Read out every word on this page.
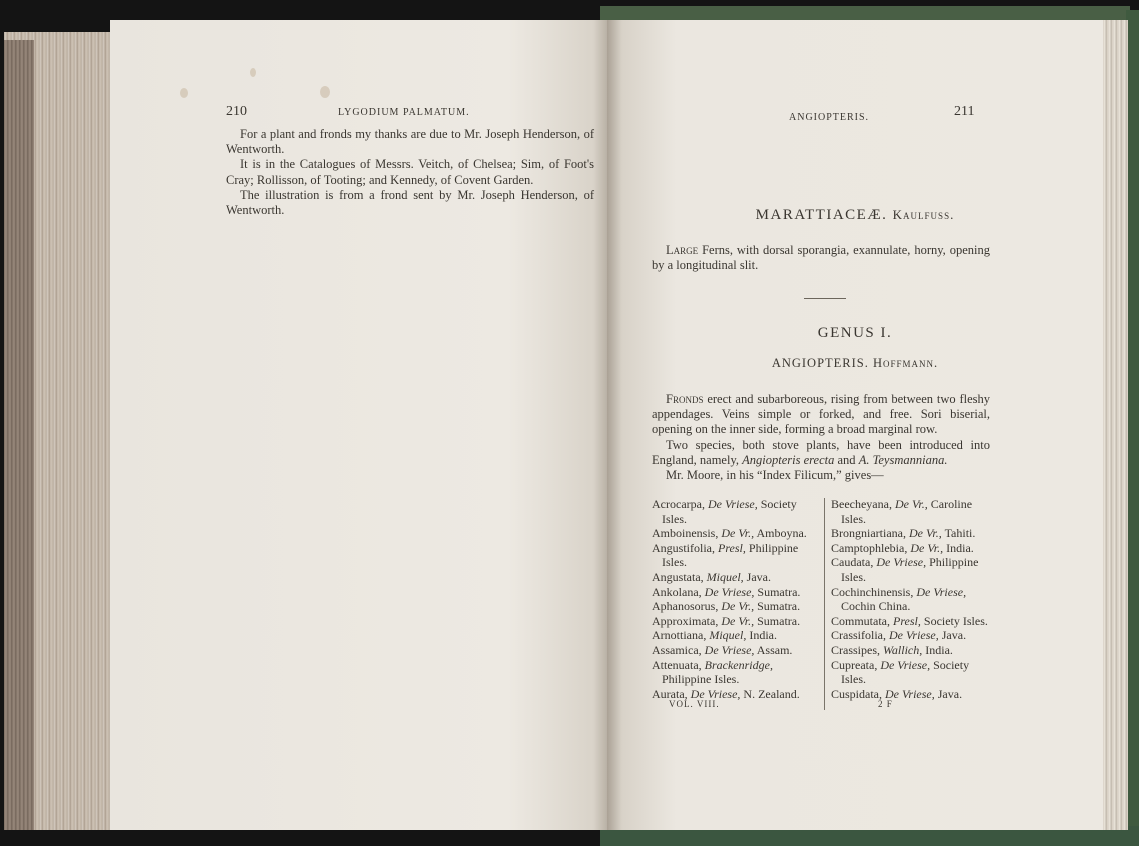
210	LYGODIUM PALMATUM.

For a plant and fronds my thanks are due to Mr. Joseph Henderson, of Wentworth.

It is in the Catalogues of Messrs. Veitch, of Chelsea; Sim, of Foot's Cray; Rollisson, of Tooting; and Kennedy, of Covent Garden.

The illustration is from a frond sent by Mr. Joseph Henderson, of Wentworth.

ANGIOPTERIS.	211
MARATTIACEÆ. Kaulfuss.

Large Ferns, with dorsal sporangia, exannulate, horny, opening by a longitudinal slit.

GENUS I.
ANGIOPTERIS. Hoffmann.

Fronds erect and subarboreous, rising from between two fleshy appendages. Veins simple or forked, and free. Sori biserial, opening on the inner side, forming a broad marginal row.

Two species, both stove plants, have been introduced into England, namely, Angiopteris erecta and A. Teysmanniana.

Mr. Moore, in his “Index Filicum,” gives—

Acrocarpa, De Vriese, Society Isles.
Amboinensis, De Vr., Amboyna.
Angustifolia, Presl, Philippine Isles.
Angustata, Miquel, Java.
Ankolana, De Vriese, Sumatra.
Aphanosorus, De Vr., Sumatra.
Approximata, De Vr., Sumatra.
Arnottiana, Miquel, India.
Assamica, De Vriese, Assam.
Attenuata, Brackenridge, Philippine Isles.
Aurata, De Vriese, N. Zealand.
Beecheyana, De Vr., Caroline Isles.
Brongniartiana, De Vr., Tahiti.
Camptophlebia, De Vr., India.
Caudata, De Vriese, Philippine Isles.
Cochinchinensis, De Vriese, Cochin China.
Commutata, Presl, Society Isles.
Crassifolia, De Vriese, Java.
Crassipes, Wallich, India.
Cupreata, De Vriese, Society Isles.
Cuspidata, De Vriese, Java.
VOL. VIII.	2 F
